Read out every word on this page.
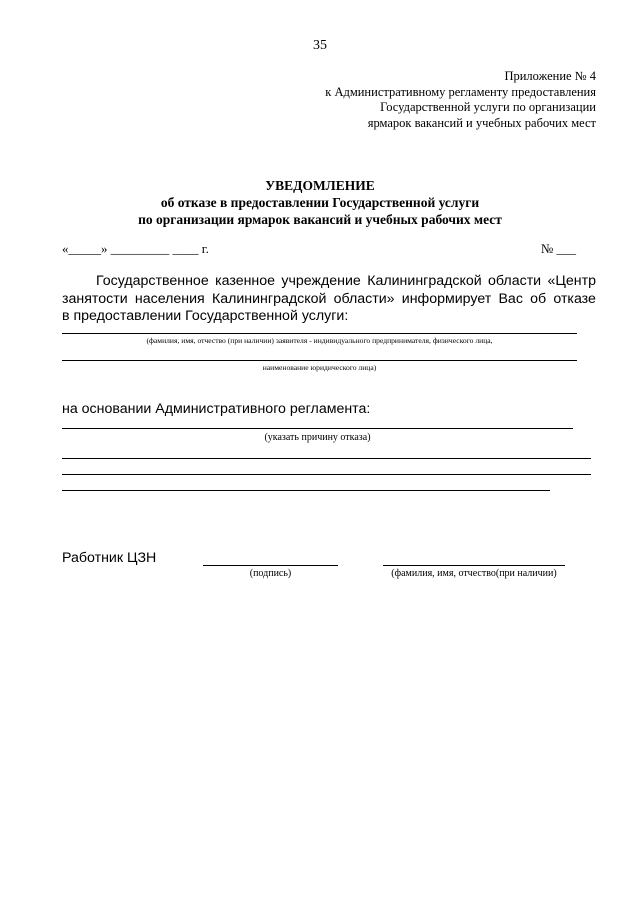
35
Приложение № 4
к Административному регламенту предоставления
Государственной услуги по организации
ярмарок вакансий и учебных рабочих мест
УВЕДОМЛЕНИЕ
об отказе в предоставлении Государственной услуги
по организации ярмарок вакансий и учебных рабочих мест
«_____» _________ ____ г.	№ ___
Государственное казенное учреждение Калининградской области «Центр
занятости населения Калининградской области» информирует Вас об отказе
в предоставлении Государственной услуги:
(фамилия, имя, отчество (при наличии) заявителя - индивидуального предпринимателя, физического лица,
наименование юридического лица)
на основании Административного регламента:
(указать причину отказа)
Работник ЦЗН
(подпись)	(фамилия, имя, отчество(при наличии)
